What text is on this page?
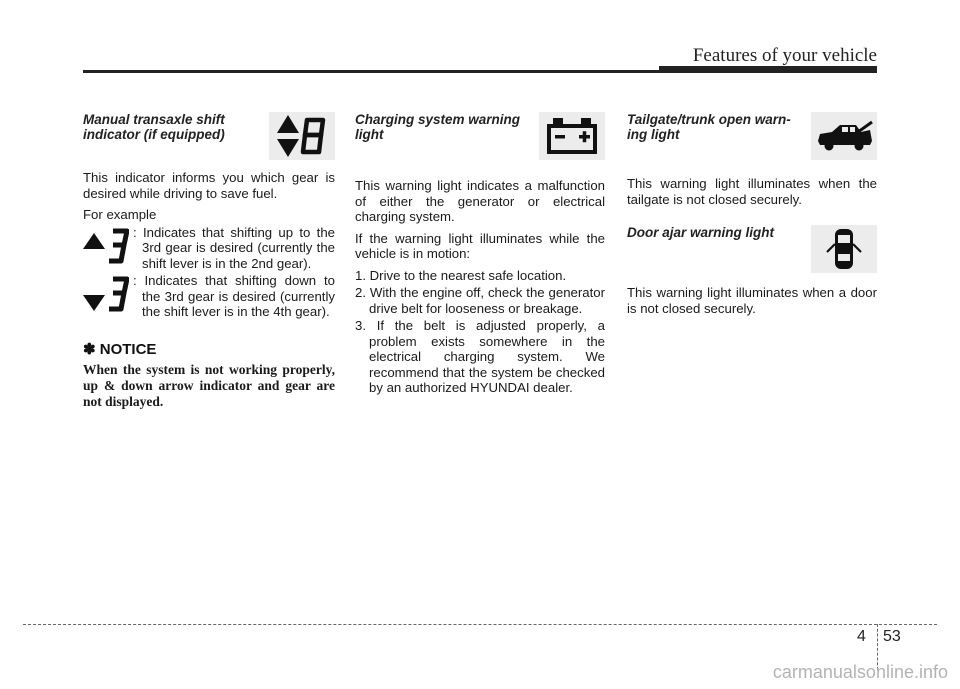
Features of your vehicle
Manual transaxle shift
indicator (if equipped)

This indicator informs you which gear is desired while driving to save fuel.

For example

: Indicates that shifting up to the 3rd gear is desired (currently the shift lever is in the 2nd gear).
: Indicates that shifting down to the 3rd gear is desired (currently the shift lever is in the 4th gear).
✽ NOTICE

When the system is not working properly, up & down arrow indicator and gear are not displayed.

Charging system warning
light

This warning light indicates a malfunction of either the generator or electrical charging system.

If the warning light illuminates while the vehicle is in motion:

1. Drive to the nearest safe location.
2. With the engine off, check the generator drive belt for looseness or breakage.
3. If the belt is adjusted properly, a problem exists somewhere in the electrical charging system. We recommend that the system be checked by an authorized HYUNDAI dealer.
Tailgate/trunk open warn-
ing light

This warning light illuminates when the tailgate is not closed securely.

Door ajar warning light

This warning light illuminates when a door is not closed securely.

4 53
carmanualsonline.info
